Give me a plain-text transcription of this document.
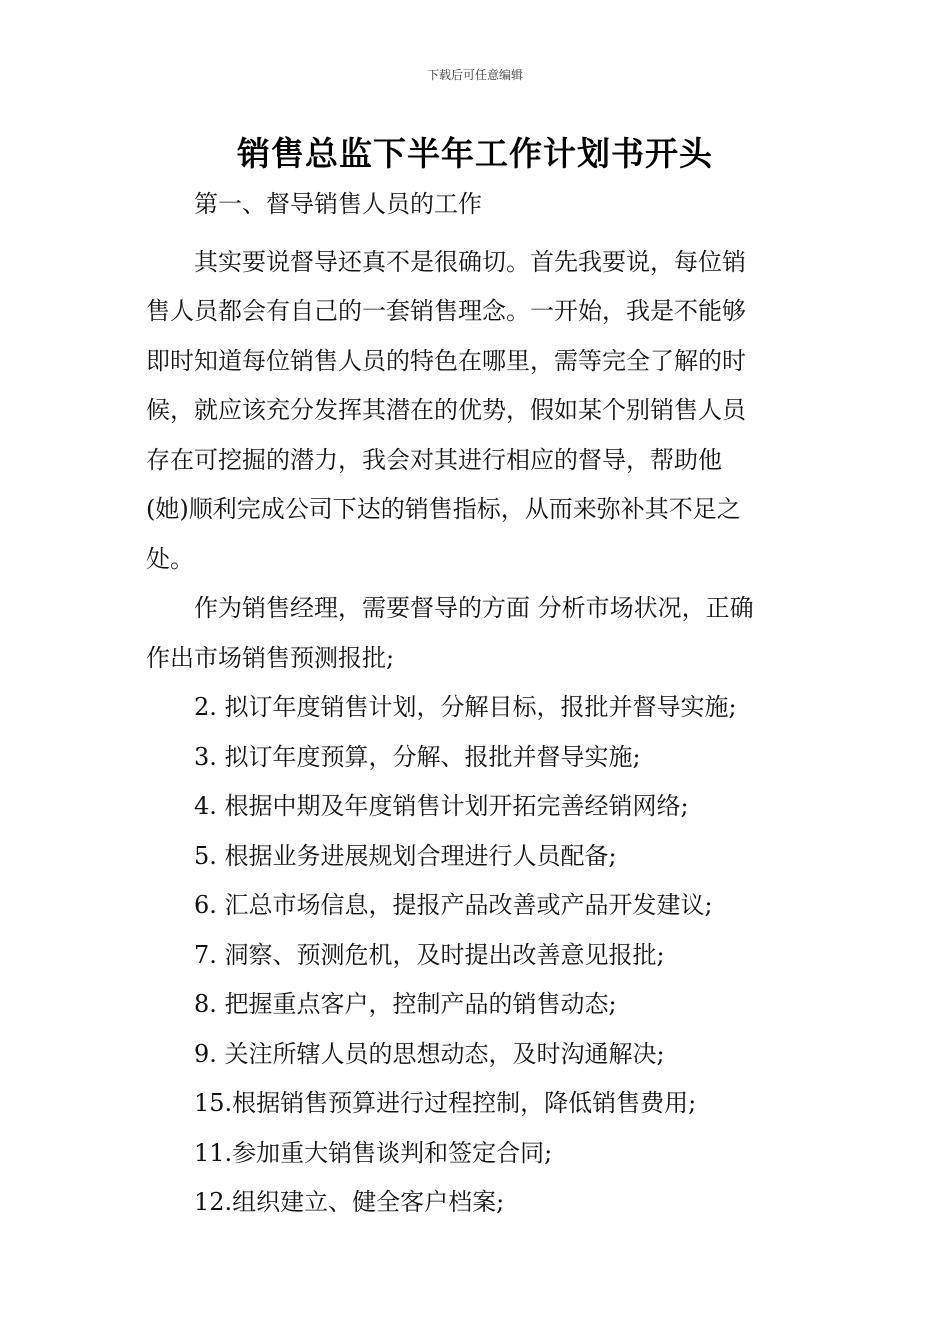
下载后可任意编辑
销售总监下半年工作计划书开头
第一、督导销售人员的工作
其实要说督导还真不是很确切。首先我要说，每位销
售人员都会有自己的一套销售理念。一开始，我是不能够
即时知道每位销售人员的特色在哪里，需等完全了解的时
候，就应该充分发挥其潜在的优势，假如某个别销售人员
存在可挖掘的潜力，我会对其进行相应的督导，帮助他
(她)顺利完成公司下达的销售指标，从而来弥补其不足之
处。
作为销售经理，需要督导的方面 分析市场状况，正确
作出市场销售预测报批;
2. 拟订年度销售计划，分解目标，报批并督导实施;
3. 拟订年度预算，分解、报批并督导实施;
4. 根据中期及年度销售计划开拓完善经销网络;
5. 根据业务进展规划合理进行人员配备;
6. 汇总市场信息，提报产品改善或产品开发建议;
7. 洞察、预测危机，及时提出改善意见报批;
8. 把握重点客户，控制产品的销售动态;
9. 关注所辖人员的思想动态，及时沟通解决;
15.根据销售预算进行过程控制，降低销售费用;
11.参加重大销售谈判和签定合同;
12.组织建立、健全客户档案;
